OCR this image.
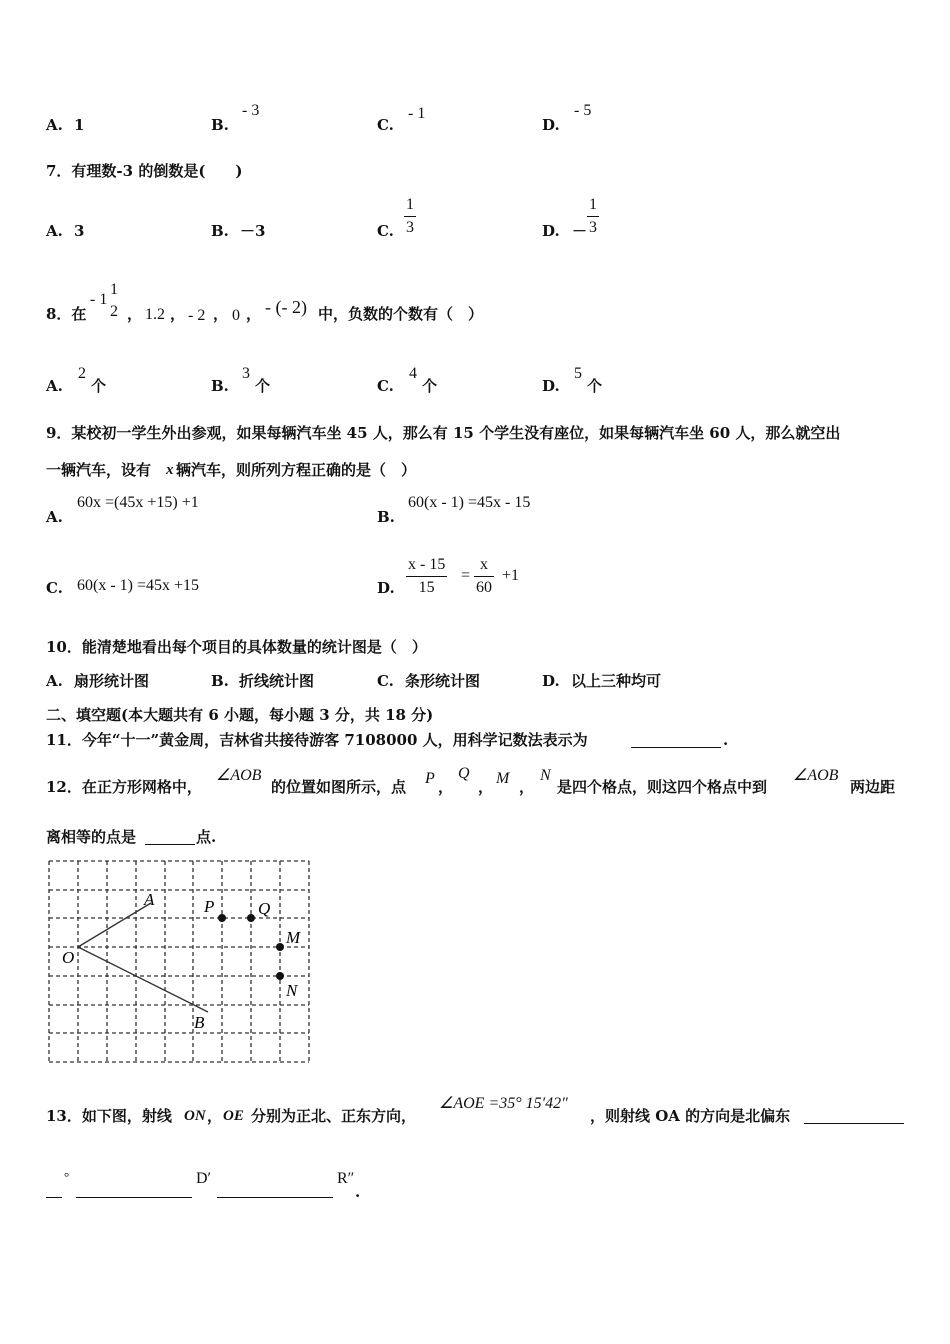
A. 1	B.
- 3
C.
- 1
D.
- 5
7．有理数-3 的倒数是(　　)
A. 3	B. －3	C. $\frac{1}{3}$	D. － $\frac{1}{3}$
8．在
- 1
1
2 ， 1.2 ， - 2 ， 0 ， - (- 2) 中，负数的个数有（　）
A.
2
个	B.
3
个	C.
4
个	D.
5
个
9．某校初一学生外出参观，如果每辆汽车坐 45 人，那么有 15 个学生没有座位，如果每辆汽车坐 60 人，那么就空出
一辆汽车，设有 x 辆汽车，则所列方程正确的是（　）
A.
60x =(45x +15) +1
B.
60(x - 1) =45x - 15
C. 60(x - 1) =45x +15	D. $\frac{x - 15}{15} = \frac{x}{60} +1$
10．能清楚地看出每个项目的具体数量的统计图是（　）
A. 扇形统计图	B. 折线统计图	C. 条形统计图	D. 以上三种均可
二、填空题(本大题共有 6 小题，每小题 3 分，共 18 分)
11．今年“十一”黄金周，吉林省共接待游客 7108000 人，用科学记数法表示为	.
12．在正方形网格中，
∠AOB
的位置如图所示，点 P ，
Q
， M ，
N
是四个格点，则这四个格点中到
∠AOB
两边距
离相等的点是	点.
A
B
O
P	Q
M
N
13．如下图，射线 ON ， OE 分别为正北、正东方向，
∠AOE =35° 15′42″
，则射线 OA 的方向是北偏东
°	D′	R″
.
